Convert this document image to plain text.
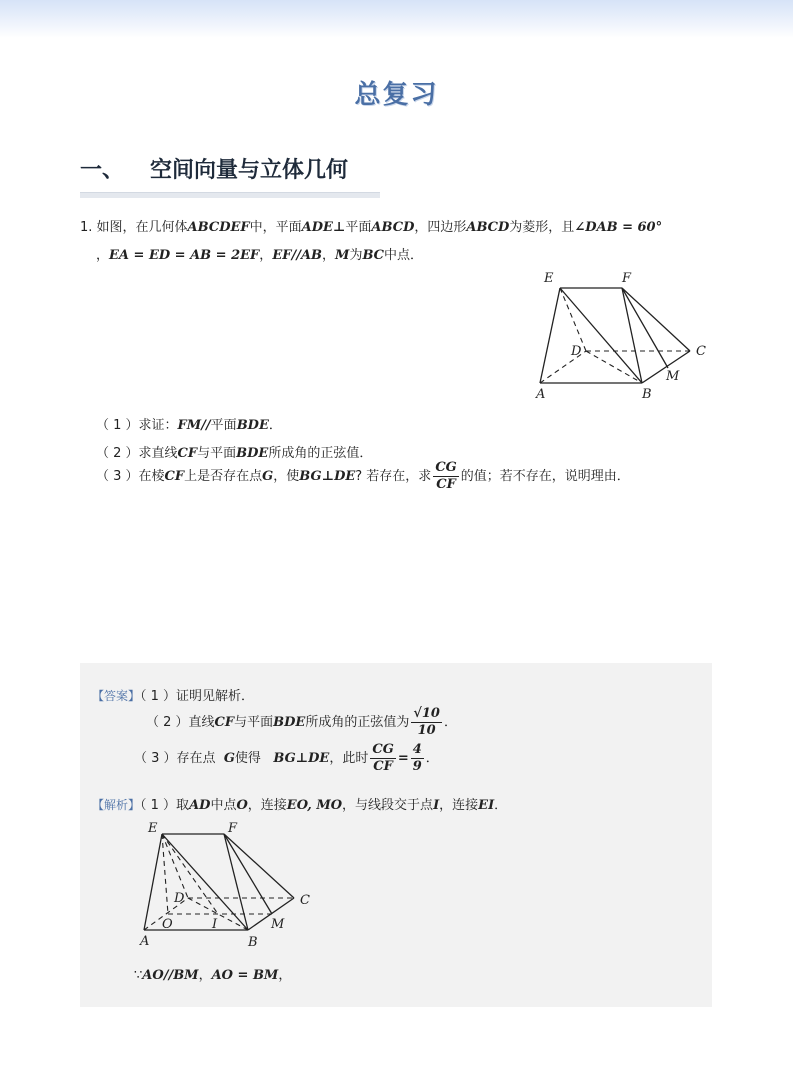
总复习
一、 空间向量与立体几何
1. 如图，在几何体ABCDEF中，平面ADE⊥平面ABCD，四边形ABCD为菱形，且∠DAB = 60°
，EA = ED = AB = 2EF，EF//AB，M为BC中点．
E	F
D	C
M
A	B
（ 1 ）求证：FM//平面BDE．
（ 2 ）求直线CF与平面BDE所成角的正弦值．
（ 3 ）在棱CF上是否存在点G，使BG⊥DE? 若存在，求 $\frac{CG}{CF}$ 的值；若不存在，说明理由．
【答案】（ 1 ）证明见解析．
（ 2 ）直线CF与平面BDE所成角的正弦值为 $\frac{√10}{10}$ ．
（ 3 ）存在点 G使得 BG⊥DE，此时 $\frac{CG}{CF} = \frac{4}{9}$ ．
【解析】（ 1 ）取AD中点O，连接EO, MO，与线段交于点I，连接EI．
E	F
D	C
M
O	I
A	B
∵AO//BM，AO = BM，
